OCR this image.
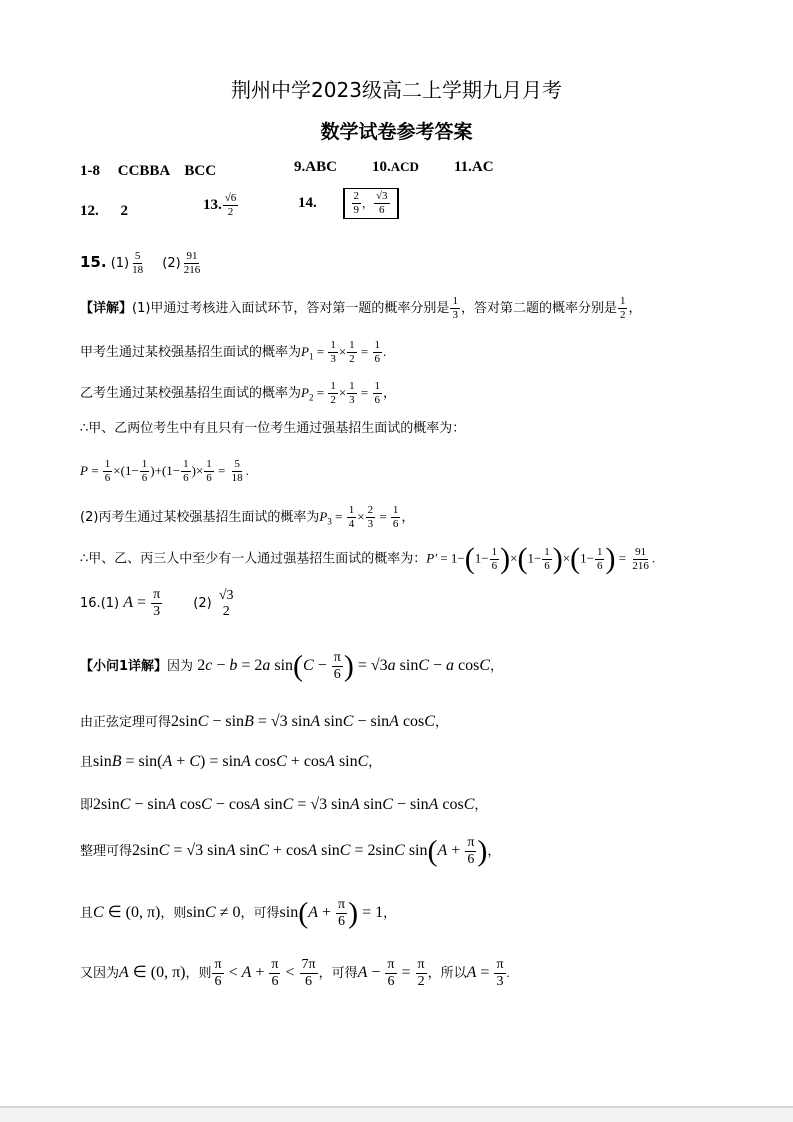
荆州中学2023级高二上学期九月月考
数学试卷参考答案
1-8 CCBBA　BCC	9.ABC 10.ACD 11.AC
12. 2	13. $\frac{√6}{2}$	14.	$\frac{2}{9}$ ， $\frac{√3}{6}$
15. $(1) \frac{5}{18} (2) \frac{91}{216}$
【详解】(1)甲通过考核进入面试环节，答对第一题的概率分别是 $\frac{1}{3}$ ，答对第二题的概率分别是 $\frac{1}{2}$ ，
甲考生通过某校强基招生面试的概率为$P_1 = \frac{1}{3} \times \frac{1}{2} = \frac{1}{6}$ .
乙考生通过某校强基招生面试的概率为$P_2 = \frac{1}{2} \times \frac{1}{3} = \frac{1}{6}$ ，
∴甲、乙两位考生中有且只有一位考生通过强基招生面试的概率为：
$P = \frac{1}{6} \times(1- \frac{1}{6} )+(1- \frac{1}{6}$ )× $\frac{1}{6} = \frac{5}{18}$ .
(2)丙考生通过某校强基招生面试的概率为$P_3 = \frac{1}{4} \times \frac{2}{3} = \frac{1}{6}$ ，
∴甲、乙、丙三人中至少有一人通过强基招生面试的概率为：$P' = 1-(1- \frac{1}{6} )\times(1- \frac{1}{6} )\times(1- \frac{1}{6}$ ) = $\frac{91}{216}$ .
16.(1) $A = \frac{\pi}{3} (2)$
√3
2
【小问1详解】因为 2c − b = 2a $\sin(C - \frac{\pi}{6}$ ) = √3a sinC − a cosC，
由正弦定理可得2sinC − sinB = √3 sinA sinC − sinA cosC，
且sinB = sin(A + C) = sinA cosC + cosA sinC，
即2sinC − sinA cosC − cosA sinC = √3 sinA sinC − sinA cosC，
整理可得2sinC = √3 sinA sinC + cosA sinC = 2sinC $\sin(A + \frac{\pi}{6}$ )，
且C ∈ (0, π)，则sinC ≠ 0，可得$\sin(A + \frac{\pi}{6}$ ) = 1，
又因为A ∈ (0, π)，则 $\frac{\pi}{6} < A + \frac{\pi}{6} < \frac{7\pi}{6}$ ，可得$A - \frac{\pi}{6} = \frac{\pi}{2}$ ，所以$A = \frac{\pi}{3}$ .
